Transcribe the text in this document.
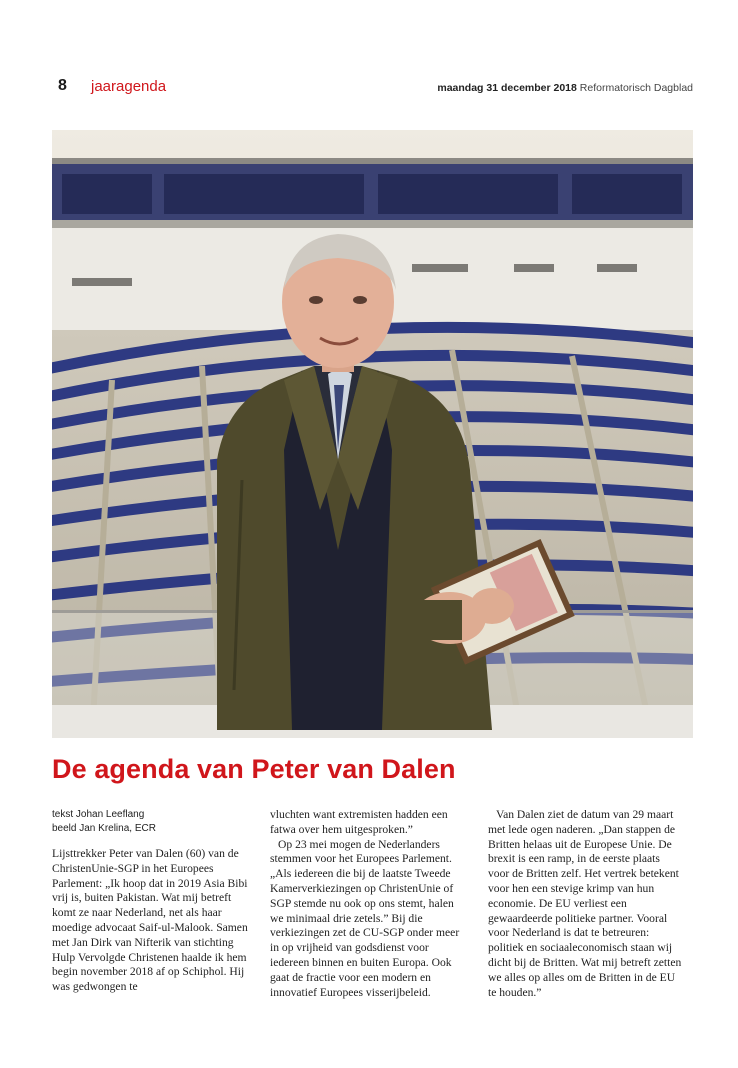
8 jaaragenda	maandag 31 december 2018 Reformatorisch Dagblad
De agenda van Peter van Dalen
tekst Johan Leeflang
beeld Jan Krelina, ECR

Lijsttrekker Peter van Dalen (60) van de ChristenUnie-SGP in het Europees Parlement: „Ik hoop dat in 2019 Asia Bibi vrij is, buiten Pakistan. Wat mij betreft komt ze naar Nederland, net als haar moedige advocaat Saif-ul-Malook. Samen met Jan Dirk van Nifterik van stichting Hulp Vervolgde Christenen haalde ik hem begin november 2018 af op Schiphol. Hij was gedwongen te

vluchten want extremisten hadden een fatwa over hem uitgesproken.”

Op 23 mei mogen de Nederlanders stemmen voor het Europees Parlement. „Als iedereen die bij de laatste Tweede Kamerverkiezingen op ChristenUnie of SGP stemde nu ook op ons stemt, halen we minimaal drie zetels.” Bij die verkiezingen zet de CU-SGP onder meer in op vrijheid van godsdienst voor iedereen binnen en buiten Europa. Ook gaat de fractie voor een modern en innovatief Europees visserijbeleid.

Van Dalen ziet de datum van 29 maart met lede ogen naderen. „Dan stappen de Britten helaas uit de Europese Unie. De brexit is een ramp, in de eerste plaats voor de Britten zelf. Het vertrek betekent voor hen een stevige krimp van hun economie. De EU verliest een gewaardeerde politieke partner. Vooral voor Nederland is dat te betreuren: politiek en sociaaleconomisch staan wij dicht bij de Britten. Wat mij betreft zetten we alles op alles om de Britten in de EU te houden.”
